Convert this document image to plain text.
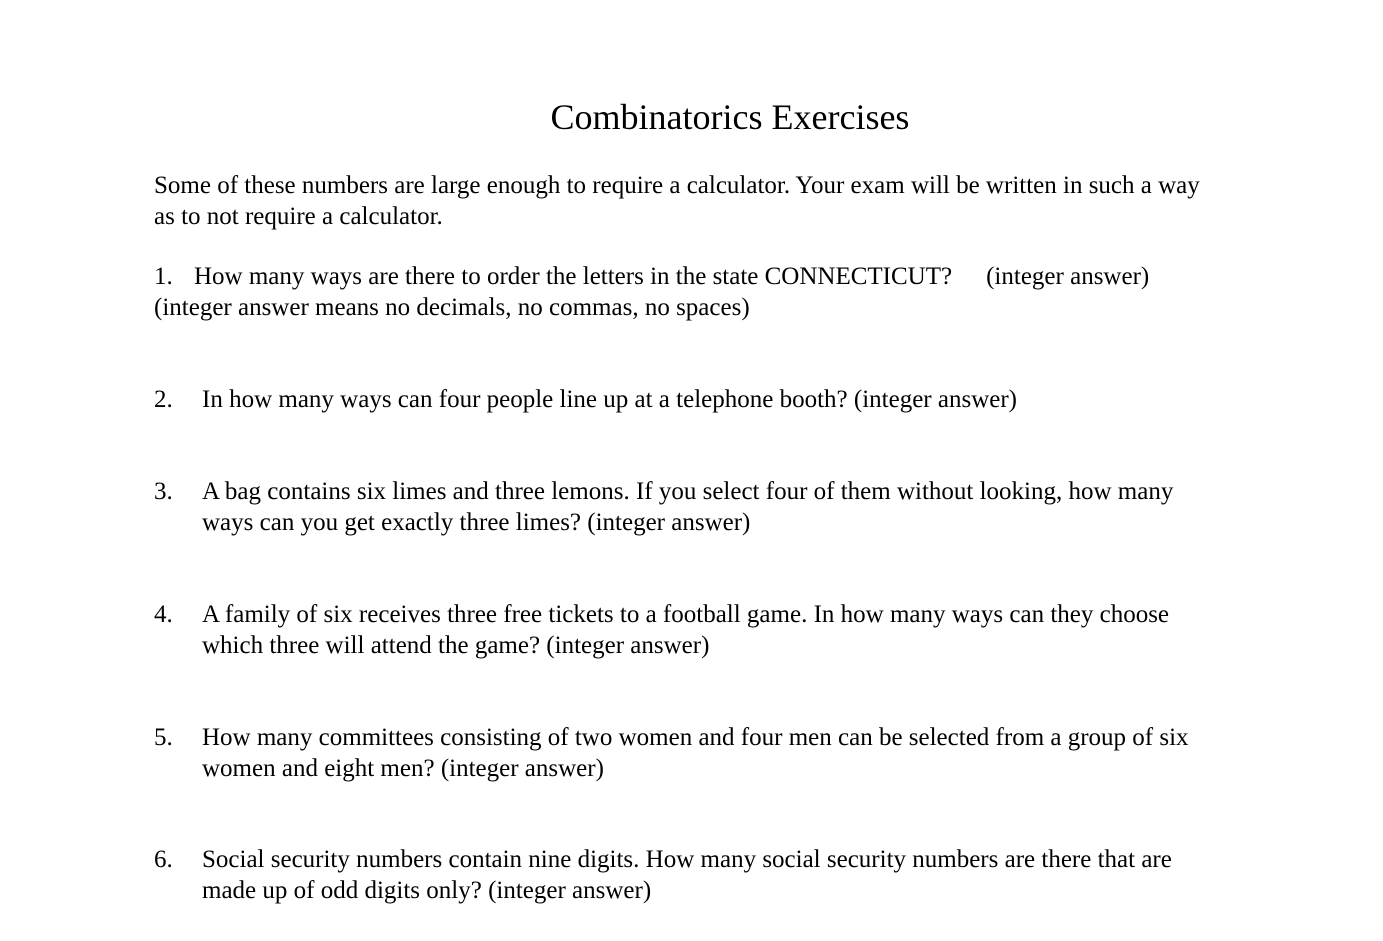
Combinatorics Exercises
Some of these numbers are large enough to require a calculator. Your exam will be written in such a way
as to not require a calculator.
1. How many ways are there to order the letters in the state CONNECTICUT? (integer answer)
(integer answer means no decimals, no commas, no spaces)
2. In how many ways can four people line up at a telephone booth? (integer answer)
3. A bag contains six limes and three lemons. If you select four of them without looking, how many
ways can you get exactly three limes? (integer answer)
4. A family of six receives three free tickets to a football game. In how many ways can they choose
which three will attend the game? (integer answer)
5. How many committees consisting of two women and four men can be selected from a group of six
women and eight men? (integer answer)
6. Social security numbers contain nine digits. How many social security numbers are there that are
made up of odd digits only? (integer answer)
